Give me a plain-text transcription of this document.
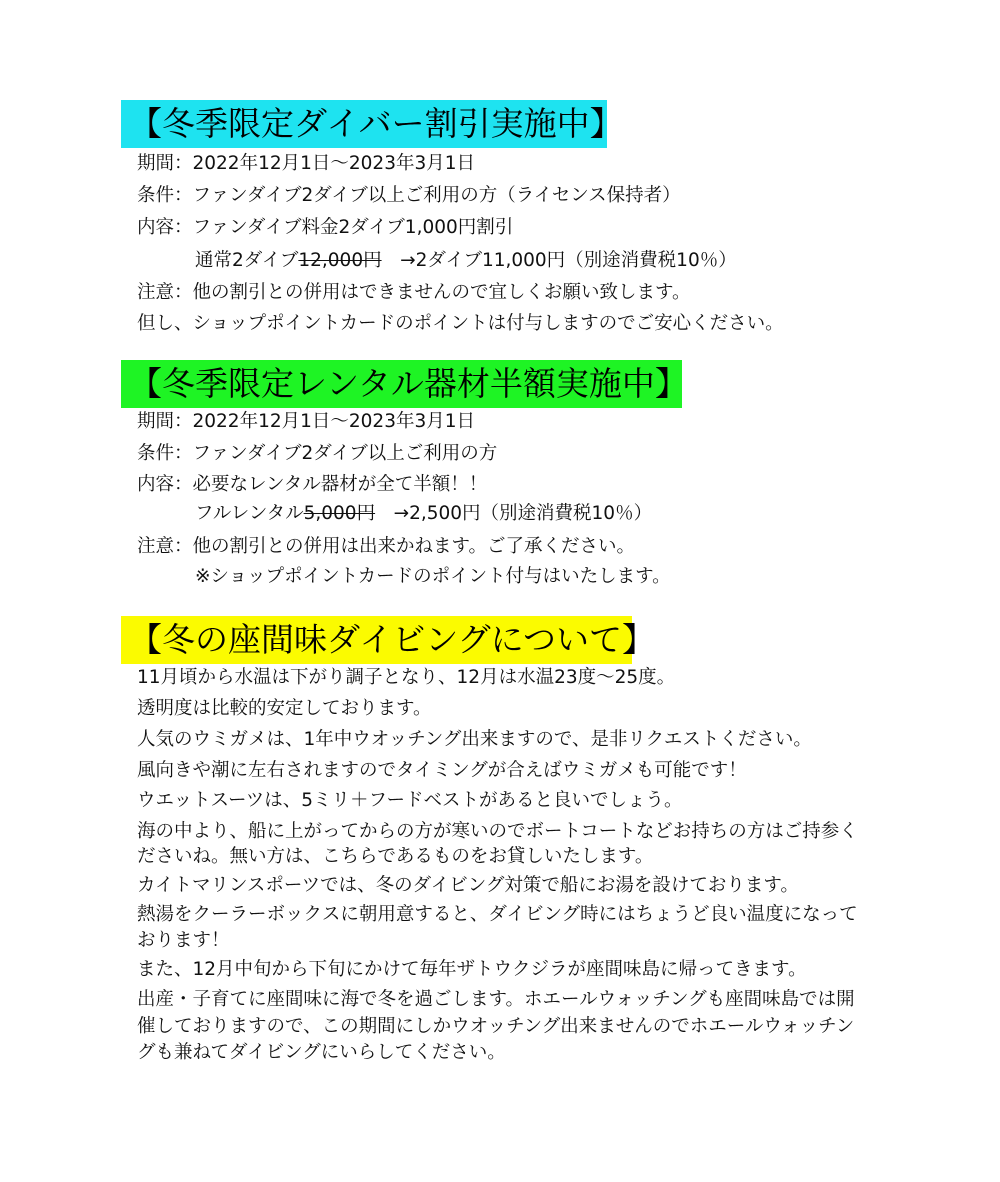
【冬季限定ダイバー割引実施中】
期間：2022年12月1日～2023年3月1日
条件：ファンダイブ2ダイブ以上ご利用の方（ライセンス保持者）
内容：ファンダイブ料金2ダイブ1,000円割引
通常2ダイブ12,000円　→2ダイブ11,000円（別途消費税10％）
注意：他の割引との併用はできませんので宜しくお願い致します。
但し、ショップポイントカードのポイントは付与しますのでご安心ください。
【冬季限定レンタル器材半額実施中】
期間：2022年12月1日～2023年3月1日
条件：ファンダイブ2ダイブ以上ご利用の方
内容：必要なレンタル器材が全て半額！！
フルレンタル5,000円　→2,500円（別途消費税10％）
注意：他の割引との併用は出来かねます。ご了承ください。
※ショップポイントカードのポイント付与はいたします。
【冬の座間味ダイビングについて】
11月頃から水温は下がり調子となり、12月は水温23度～25度。
透明度は比較的安定しております。
人気のウミガメは、1年中ウオッチング出来ますので、是非リクエストください。
風向きや潮に左右されますのでタイミングが合えばウミガメも可能です！
ウエットスーツは、5ミリ＋フードベストがあると良いでしょう。
海の中より、船に上がってからの方が寒いのでボートコートなどお持ちの方はご持参く
ださいね。無い方は、こちらであるものをお貸しいたします。
カイトマリンスポーツでは、冬のダイビング対策で船にお湯を設けております。
熱湯をクーラーボックスに朝用意すると、ダイビング時にはちょうど良い温度になって
おります！
また、12月中旬から下旬にかけて毎年ザトウクジラが座間味島に帰ってきます。
出産・子育てに座間味に海で冬を過ごします。ホエールウォッチングも座間味島では開
催しておりますので、この期間にしかウオッチング出来ませんのでホエールウォッチン
グも兼ねてダイビングにいらしてください。
